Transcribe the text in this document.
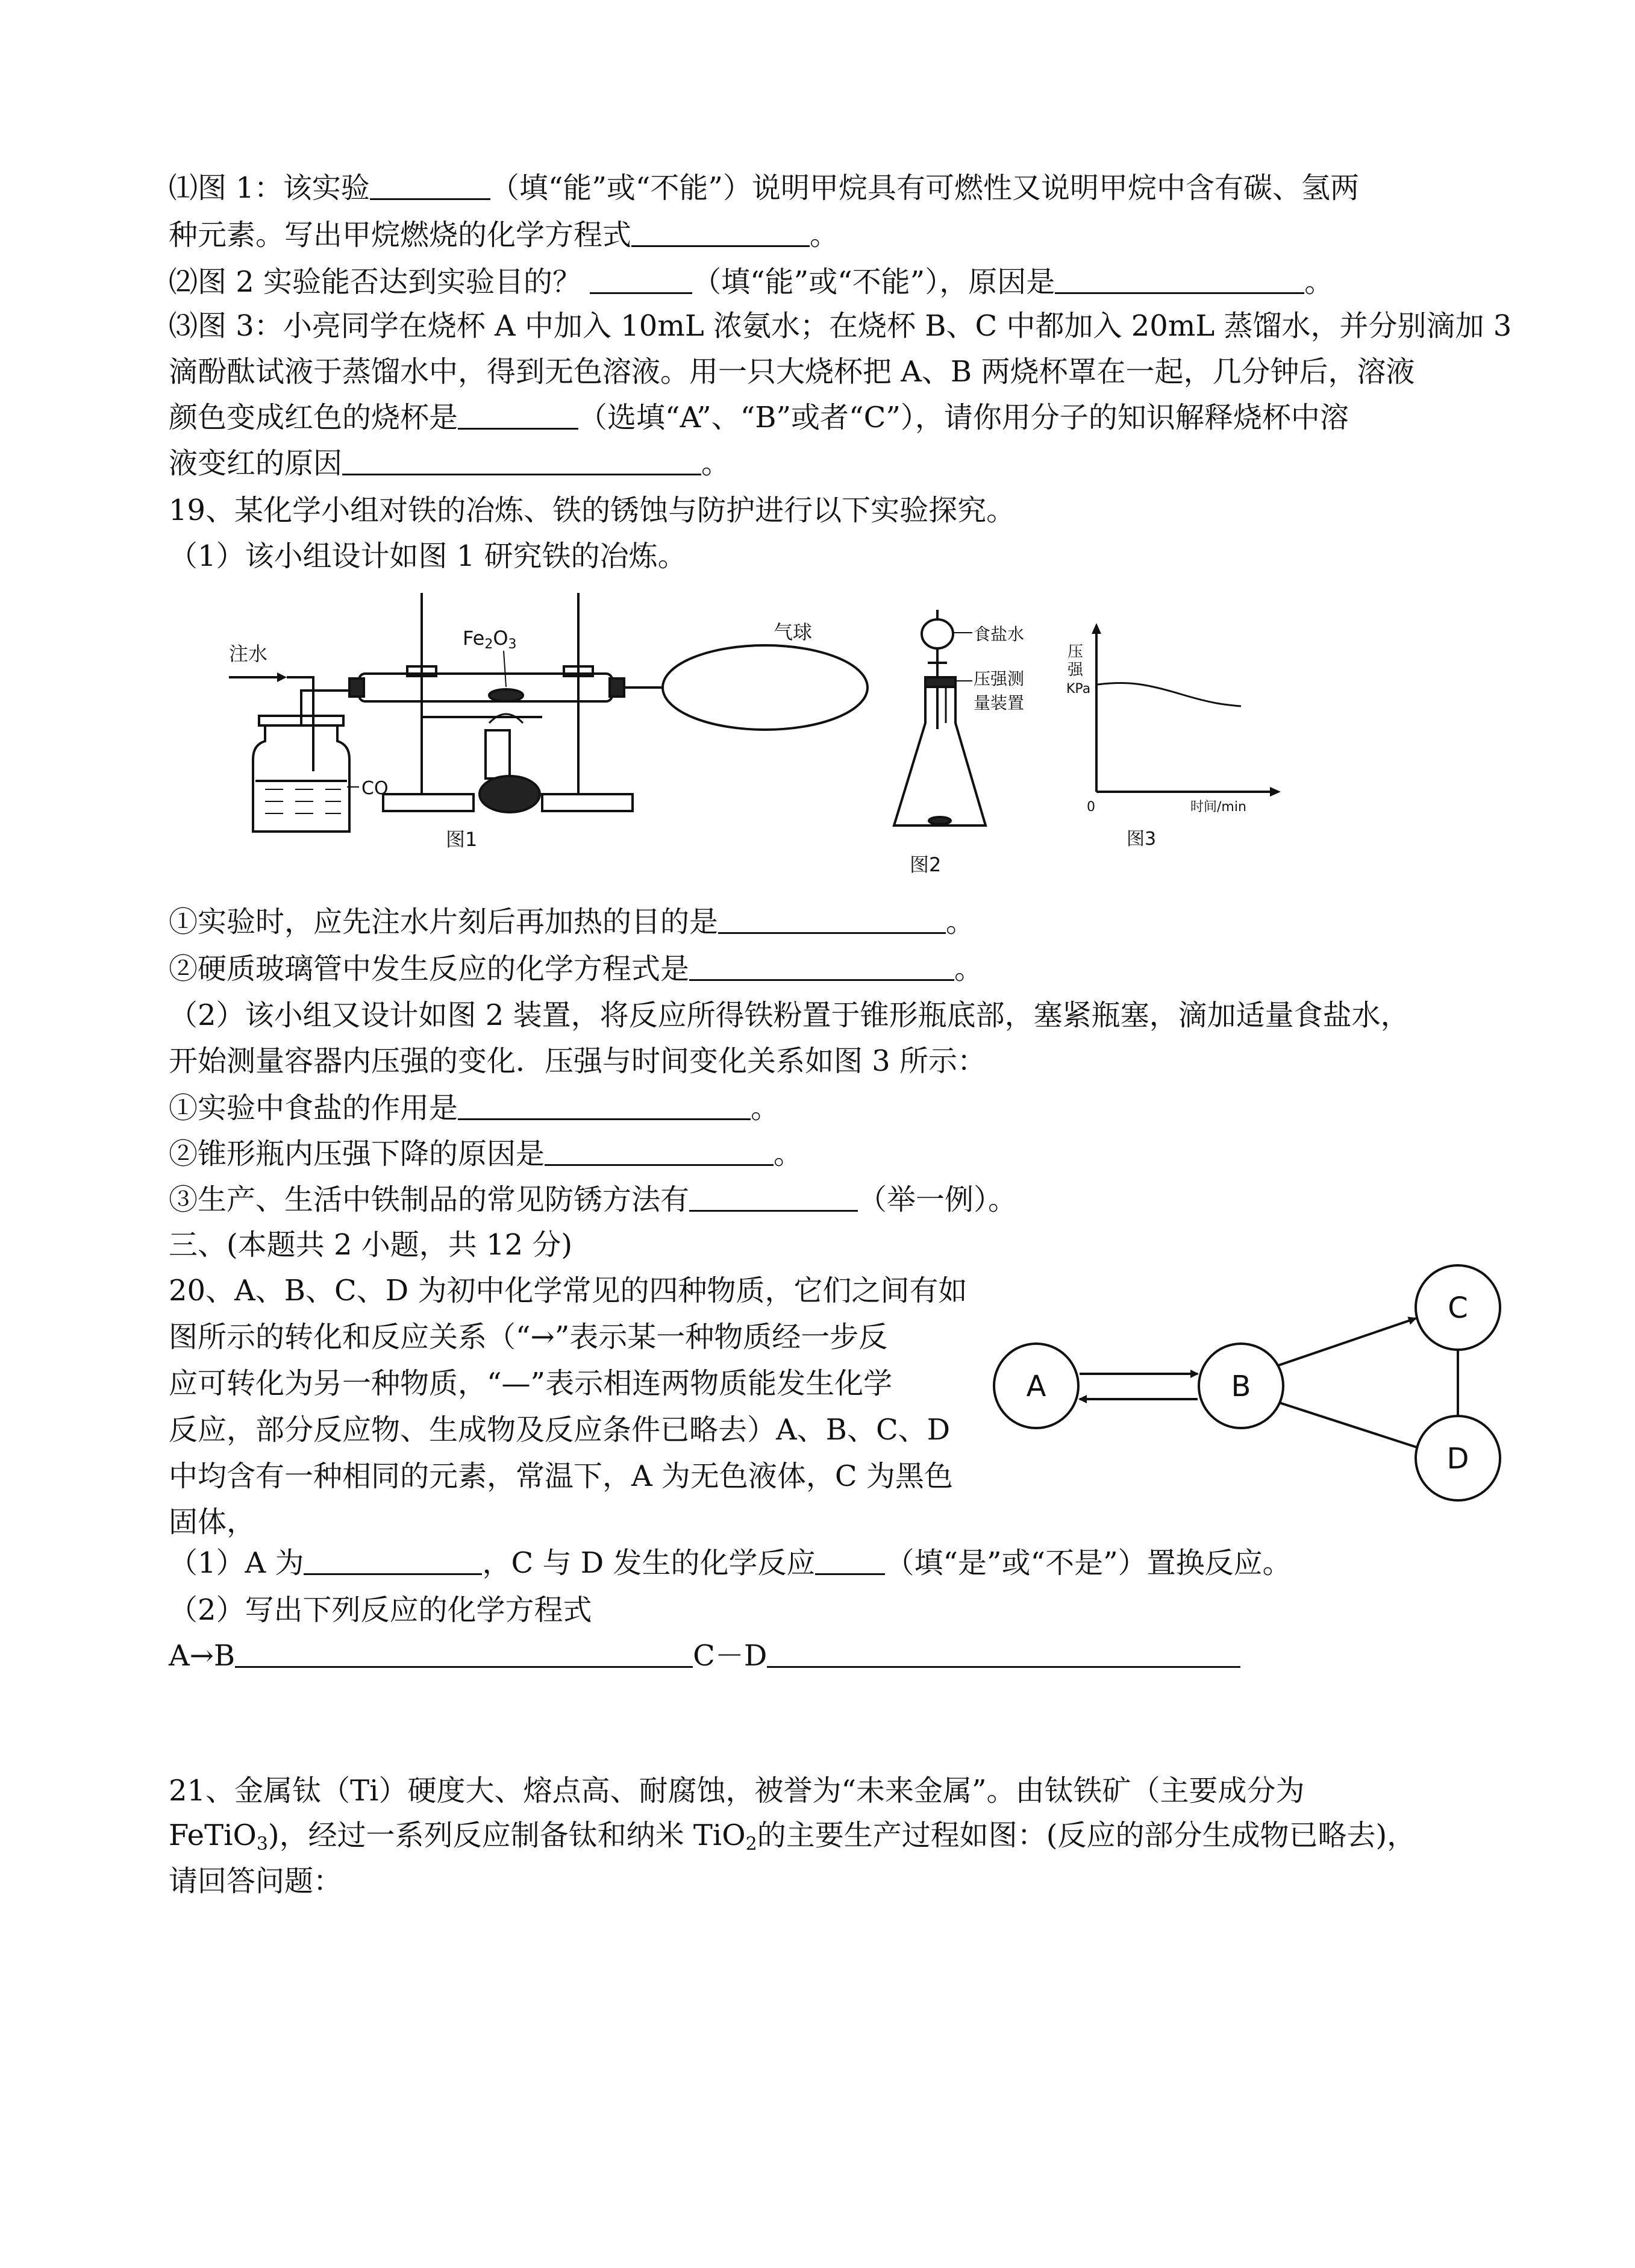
⑴图 1：该实验	（填“能”或“不能”）说明甲烷具有可燃性又说明甲烷中含有碳、氢两
种元素。写出甲烷燃烧的化学方程式	。
⑵图 2 实验能否达到实验目的？	（填“能”或“不能”），原因是	。
⑶图 3：小亮同学在烧杯 A 中加入 10mL 浓氨水；在烧杯 B、C 中都加入 20mL 蒸馏水，并分别滴加 3
滴酚酞试液于蒸馏水中，得到无色溶液。用一只大烧杯把 A、B 两烧杯罩在一起，几分钟后，溶液
颜色变成红色的烧杯是	（选填“A”、“B”或者“C”），请你用分子的知识解释烧杯中溶
液变红的原因	。
19、某化学小组对铁的冶炼、铁的锈蚀与防护进行以下实验探究。
（1）该小组设计如图 1 研究铁的冶炼。
注水
CO
Fe2O3
气球
图1
食盐水
压强测
量装置
图2
压
强
KPa
0	时间/min
图3
①实验时，应先注水片刻后再加热的目的是	。
②硬质玻璃管中发生反应的化学方程式是	。
（2）该小组又设计如图 2 装置，将反应所得铁粉置于锥形瓶底部，塞紧瓶塞，滴加适量食盐水，
开始测量容器内压强的变化．压强与时间变化关系如图 3 所示：
①实验中食盐的作用是	。
②锥形瓶内压强下降的原因是	。
③生产、生活中铁制品的常见防锈方法有	（举一例）。
三、(本题共 2 小题，共 12 分)
20、A、B、C、D 为初中化学常见的四种物质，它们之间有如
图所示的转化和反应关系（“→”表示某一种物质经一步反
应可转化为另一种物质，“—”表示相连两物质能发生化学
反应，部分反应物、生成物及反应条件已略去）A、B、C、D
中均含有一种相同的元素，常温下，A 为无色液体，C 为黑色
固体，
A	B
C
D
（1）A 为	，C 与 D 发生的化学反应 （填“是”或“不是”）置换反应。
（2）写出下列反应的化学方程式
A→B	C－D
21、金属钛（Ti）硬度大、熔点高、耐腐蚀，被誉为“未来金属”。由钛铁矿（主要成分为
FeTiO$_3$)，经过一系列反应制备钛和纳米 TiO$_2$的主要生产过程如图：(反应的部分生成物已略去)，
请回答问题：
